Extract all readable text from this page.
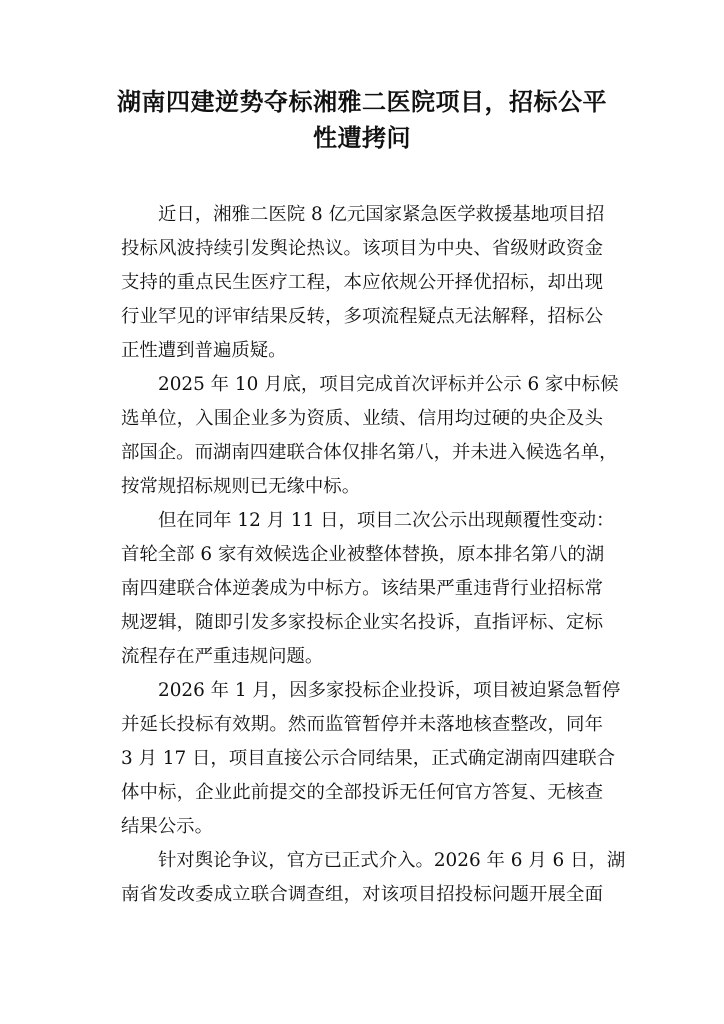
湖南四建逆势夺标湘雅二医院项目，招标公平
性遭拷问
近日，湘雅二医院 8 亿元国家紧急医学救援基地项目招
投标风波持续引发舆论热议。该项目为中央、省级财政资金
支持的重点民生医疗工程，本应依规公开择优招标，却出现
行业罕见的评审结果反转，多项流程疑点无法解释，招标公
正性遭到普遍质疑。
2025 年 10 月底，项目完成首次评标并公示 6 家中标候
选单位，入围企业多为资质、业绩、信用均过硬的央企及头
部国企。而湖南四建联合体仅排名第八，并未进入候选名单，
按常规招标规则已无缘中标。
但在同年 12 月 11 日，项目二次公示出现颠覆性变动：
首轮全部 6 家有效候选企业被整体替换，原本排名第八的湖
南四建联合体逆袭成为中标方。该结果严重违背行业招标常
规逻辑，随即引发多家投标企业实名投诉，直指评标、定标
流程存在严重违规问题。
2026 年 1 月，因多家投标企业投诉，项目被迫紧急暂停
并延长投标有效期。然而监管暂停并未落地核查整改，同年
3 月 17 日，项目直接公示合同结果，正式确定湖南四建联合
体中标，企业此前提交的全部投诉无任何官方答复、无核查
结果公示。
针对舆论争议，官方已正式介入。2026 年 6 月 6 日，湖
南省发改委成立联合调查组，对该项目招投标问题开展全面
